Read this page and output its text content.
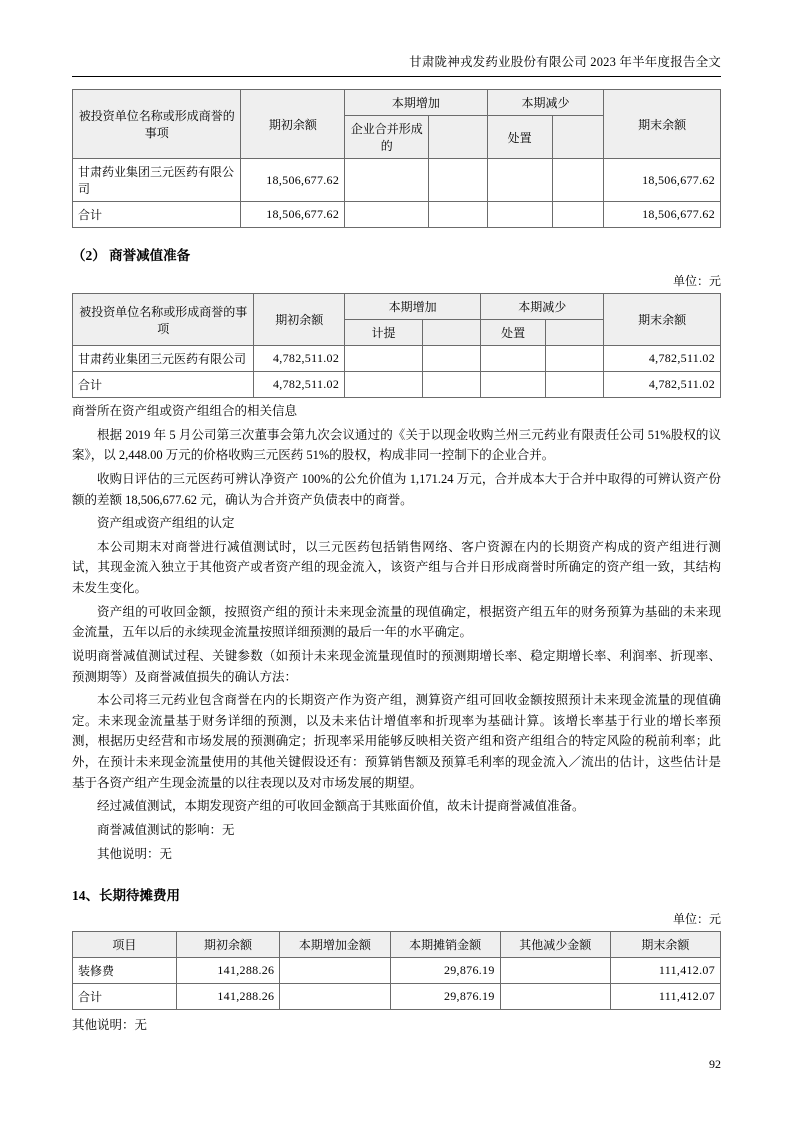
甘肃陇神戎发药业股份有限公司 2023 年半年度报告全文
被投资单位名称或形成商誉的事项	期初余额	本期增加		本期减少		期末余额
		企业合并形成的		处置		
甘肃药业集团三元医药有限公司	18,506,677.62					18,506,677.62
合计	18,506,677.62					18,506,677.62
（2） 商誉减值准备
单位：元
被投资单位名称或形成商誉的事项	期初余额	本期增加		本期减少		期末余额
		计提		处置		
甘肃药业集团三元医药有限公司	4,782,511.02					4,782,511.02
合计	4,782,511.02					4,782,511.02

商誉所在资产组或资产组组合的相关信息

根据 2019 年 5 月公司第三次董事会第九次会议通过的《关于以现金收购兰州三元药业有限责任公司 51%股权的议案》，以 2,448.00 万元的价格收购三元医药 51%的股权，构成非同一控制下的企业合并。

收购日评估的三元医药可辨认净资产 100%的公允价值为 1,171.24 万元，合并成本大于合并中取得的可辨认资产份额的差额 18,506,677.62 元，确认为合并资产负债表中的商誉。

资产组或资产组组的认定

本公司期末对商誉进行减值测试时，以三元医药包括销售网络、客户资源在内的长期资产构成的资产组进行测试，其现金流入独立于其他资产或者资产组的现金流入，该资产组与合并日形成商誉时所确定的资产组一致，其结构未发生变化。

资产组的可收回金额，按照资产组的预计未来现金流量的现值确定，根据资产组五年的财务预算为基础的未来现金流量，五年以后的永续现金流量按照详细预测的最后一年的水平确定。

说明商誉减值测试过程、关键参数（如预计未来现金流量现值时的预测期增长率、稳定期增长率、利润率、折现率、预测期等）及商誉减值损失的确认方法：

本公司将三元药业包含商誉在内的长期资产作为资产组，测算资产组可回收金额按照预计未来现金流量的现值确定。未来现金流量基于财务详细的预测，以及未来估计增值率和折现率为基础计算。该增长率基于行业的增长率预测，根据历史经营和市场发展的预测确定；折现率采用能够反映相关资产组和资产组组合的特定风险的税前利率；此外，在预计未来现金流量使用的其他关键假设还有：预算销售额及预算毛利率的现金流入／流出的估计，这些估计是基于各资产组产生现金流量的以往表现以及对市场发展的期望。

经过减值测试，本期发现资产组的可收回金额高于其账面价值，故未计提商誉减值准备。

商誉减值测试的影响：无

其他说明：无

14、长期待摊费用
单位：元
项目	期初余额	本期增加金额	本期摊销金额	其他减少金额	期末余额
装修费	141,288.26		29,876.19		111,412.07
合计	141,288.26		29,876.19		111,412.07

其他说明：无

92
